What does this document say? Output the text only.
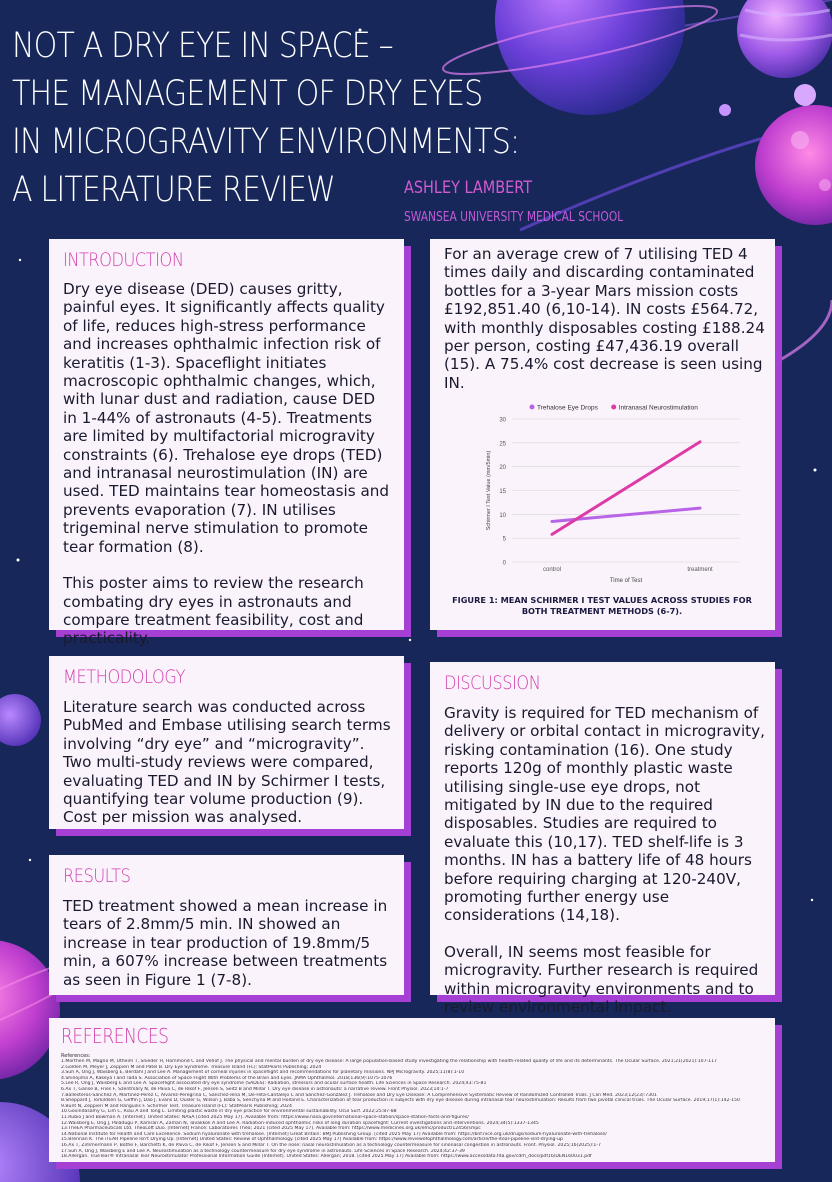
NOT A DRY EYE IN SPACE –
THE MANAGEMENT OF DRY EYES
IN MICROGRAVITY ENVIRONMENTS:
A LITERATURE REVIEW	ASHLEY LAMBERT
SWANSEA UNIVERSITY MEDICAL SCHOOL
INTRODUCTION

Dry eye disease (DED) causes gritty, painful eyes. It significantly affects quality of life, reduces high-stress performance and increases ophthalmic infection risk of keratitis (1-3). Spaceflight initiates macroscopic ophthalmic changes, which, with lunar dust and radiation, cause DED in 1-44% of astronauts (4-5). Treatments are limited by multifactorial microgravity constraints (6). Trehalose eye drops (TED) and intranasal neurostimulation (IN) are used. TED maintains tear homeostasis and prevents evaporation (7). IN utilises trigeminal nerve stimulation to promote tear formation (8).

This poster aims to review the research combating dry eyes in astronauts and compare treatment feasibility, cost and practicality.

METHODOLOGY

Literature search was conducted across PubMed and Embase utilising search terms involving “dry eye” and “microgravity”. Two multi-study reviews were compared, evaluating TED and IN by Schirmer I tests, quantifying tear volume production (9). Cost per mission was analysed.

RESULTS

TED treatment showed a mean increase in tears of 2.8mm/5 min. IN showed an increase in tear production of 19.8mm/5 min, a 607% increase between treatments as seen in Figure 1 (7-8).

For an average crew of 7 utilising TED 4 times daily and discarding contaminated bottles for a 3-year Mars mission costs £192,851.40 (6,10-14). IN costs £564.72, with monthly disposables costing £188.24 per person, costing £47,436.19 overall (15). A 75.4% cost decrease is seen using IN.

0
5
10
15
20
25
30
control	treatment
Time of Test
Schirmer I Test Value (mm/5min)
Trehalose Eye Drops	Intranasal Neurostimulation
FIGURE 1: MEAN SCHIRMER I TEST VALUES ACROSS STUDIES FOR BOTH TREATMENT METHODS (6-7).
DISCUSSION

Gravity is required for TED mechanism of delivery or orbital contact in microgravity, risking contamination (16). One study reports 120g of monthly plastic waste utilising single-use eye drops, not mitigated by IN due to the required disposables. Studies are required to evaluate this (10,17). TED shelf-life is 3 months. IN has a battery life of 48 hours before requiring charging at 120-240V, promoting further energy use considerations (14,18).

Overall, IN seems most feasible for microgravity. Further research is required within microgravity environments and to review environmental impact.

REFERENCES
References:
1.Morthen M, Magno M, Utheim T, Snieder H, Hammond C and Vehof J. The physical and mental burden of dry eye disease: A large population-based study investigating the relationship with health-related quality of life and its determinants. The Ocular Surface. 2021;21(2021):107-117
2.Golden M, Meyer J, Zeppieri M and Patel B. Dry Eye Syndrome. Treasure Island (FL): StatPearls Publishing; 2024
3.Suh A, Ong J, Waisberg E, Berdahl J and Lee A. Management of corneal injuries in spaceflight and recommendations for planetary missions. NPJ Microgravity. 2025;11(8):1-10
4.Shinojima A, Kakeya I and Tada S. Association of Space Flight With Problems of the Brain and Eyes. JAMA Ophthalmol. 2018;136(9):1075-1076
5.Lee R, Ong J, Waisberg E and Lee A. Spaceflight associated dry eye syndrome (SADES): Radiation, stressors and ocular surface health. Life Sciences in Space Research. 2024;43:75-81
6.Ax T, Ganse B, Fries F, Szentmáry N, de Paiva C, de Rikof F, Jensen S, Seitz B and Millar T. Dry eye disease in astronauts: a narrative review. Front Physiol. 2023;14:1-7
7.Ballesteros-Sánchez A, Martinez-Perez C, Alvarez-Peregrina C, Sánchez-Tena M, De-Hita-Cantalejo C and Sánchez-González J. Trehalose and Dry Eye Disease: A Comprehensive Systematic Review of Randomized Controlled Trials. J Clin Med. 2023;12(23):7301
8.Sheppard J, Torkildsen G, Geffin J, Dao J, Evans D, Ousler G, Wilson J, Baba S, Senchyna M and Holland E. Characterization of tear production in subjects with dry eye disease during intranasal tear neurostimulation: Results from two pivotal clinical trials. The Ocular Surface. 2019;17(1):142-150
9.Bunt N, Zeppieri M and Ranguilis F. Schirmer Test. Treasure Island (FL): StatPearls Publishing; 2024
10.Govindasamy G, Lim C, Riau A and Tong L. Limiting plastic waste in dry eye practice for environmental sustainability. Ocul Surf. 2022;25:87-88
11.Rubio J and Bowman A. [Internet]. United States: NASA [cited 2025 May 17]. Available from: https://www.nasa.gov/international-space-station/space-station-facts-and-figures/
12.Waisberg E, Ong J, Paladugu P, Kamran A, Zaman N, Tavakkoli A and Lee A. Radiation-induced ophthalmic risks of long duration spaceflight: Current investigations and interventions. 2024;34(5):1337-1345
13.TheEA Pharmaceuticals Ltd. TheoLoft Duo. [Internet] France: Laboratoires Théa; 2021 [cited 2025 May 17]. Available from: https://www.medicines.org.uk/emc/product/12456/smpc
14.National Institute for Health and Care Excellence. Sodium hyaluronate with trehalose. [Internet] Great Britain: BMJ Publishing Group. [cited 2025 May 17] Available from: https://bnf.nice.org.uk/drugs/sodium-hyaluronate-with-trehalose/
15.Brennan K. The iTEAR Pipeline Isn't Drying Up. [Internet] United States: Review of Ophthalmology. [cited 2025 May 17] Available from: https://www.reviewofophthalmology.com/article/the-itear-pipeline-isnt-drying-up
16.Ax T, Zimmermann P, Bothe F, Barchetti K, de Paiva C, de Rikof F, Jensen S and Millar T. On the nose: nasal neurostimulation as a technology countermeasure for sinonasal congestion in astronauts. Front. Physiol. 2025;16(2025):1-7
17.Suh A, Ong J, Waisberg E and Lee A. Neurostimulation as a technology countermeasure for dry eye syndrome in astronauts. Life Sciences in Space Research. 2024;42:37-39
18.Allergan. TrueTear® Intranasal Tear Neurostimulator Professional Information Guide [Internet]. United States: Allergan; 2018. [cited 2025 May 17] Available from: https://www.accessdata.fda.gov/cdrh_docs/pdf16/DEN160031.pdf
